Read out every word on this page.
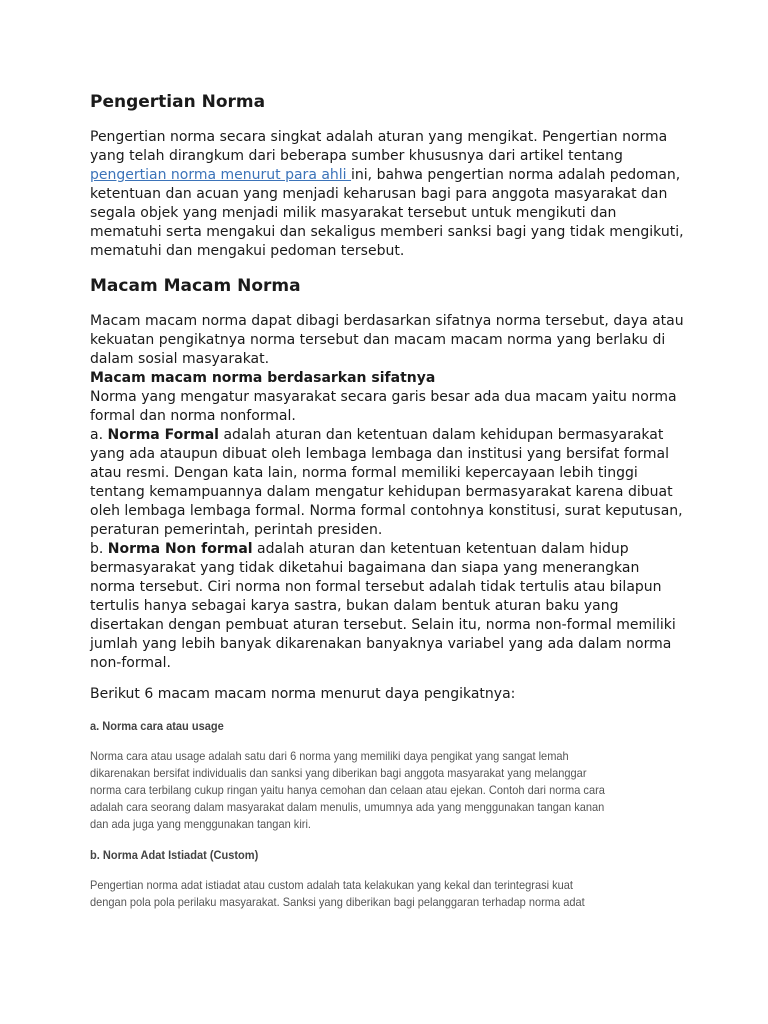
Pengertian Norma
Pengertian norma secara singkat adalah aturan yang mengikat. Pengertian norma
yang telah dirangkum dari beberapa sumber khususnya dari artikel tentang
pengertian norma menurut para ahli ini, bahwa pengertian norma adalah pedoman,
ketentuan dan acuan yang menjadi keharusan bagi para anggota masyarakat dan
segala objek yang menjadi milik masyarakat tersebut untuk mengikuti dan
mematuhi serta mengakui dan sekaligus memberi sanksi bagi yang tidak mengikuti,
mematuhi dan mengakui pedoman tersebut.
Macam Macam Norma
Macam macam norma dapat dibagi berdasarkan sifatnya norma tersebut, daya atau
kekuatan pengikatnya norma tersebut dan macam macam norma yang berlaku di
dalam sosial masyarakat.
Macam macam norma berdasarkan sifatnya
Norma yang mengatur masyarakat secara garis besar ada dua macam yaitu norma
formal dan norma nonformal.
a. Norma Formal adalah aturan dan ketentuan dalam kehidupan bermasyarakat
yang ada ataupun dibuat oleh lembaga lembaga dan institusi yang bersifat formal
atau resmi. Dengan kata lain, norma formal memiliki kepercayaan lebih tinggi
tentang kemampuannya dalam mengatur kehidupan bermasyarakat karena dibuat
oleh lembaga lembaga formal. Norma formal contohnya konstitusi, surat keputusan,
peraturan pemerintah, perintah presiden.
b. Norma Non formal adalah aturan dan ketentuan ketentuan dalam hidup
bermasyarakat yang tidak diketahui bagaimana dan siapa yang menerangkan
norma tersebut. Ciri norma non formal tersebut adalah tidak tertulis atau bilapun
tertulis hanya sebagai karya sastra, bukan dalam bentuk aturan baku yang
disertakan dengan pembuat aturan tersebut. Selain itu, norma non-formal memiliki
jumlah yang lebih banyak dikarenakan banyaknya variabel yang ada dalam norma
non-formal.
Berikut 6 macam macam norma menurut daya pengikatnya:
a. Norma cara atau usage
Norma cara atau usage adalah satu dari 6 norma yang memiliki daya pengikat yang sangat lemah
dikarenakan bersifat individualis dan sanksi yang diberikan bagi anggota masyarakat yang melanggar
norma cara terbilang cukup ringan yaitu hanya cemohan dan celaan atau ejekan. Contoh dari norma cara
adalah cara seorang dalam masyarakat dalam menulis, umumnya ada yang menggunakan tangan kanan
dan ada juga yang menggunakan tangan kiri.
b. Norma Adat Istiadat (Custom)
Pengertian norma adat istiadat atau custom adalah tata kelakukan yang kekal dan terintegrasi kuat
dengan pola pola perilaku masyarakat. Sanksi yang diberikan bagi pelanggaran terhadap norma adat
